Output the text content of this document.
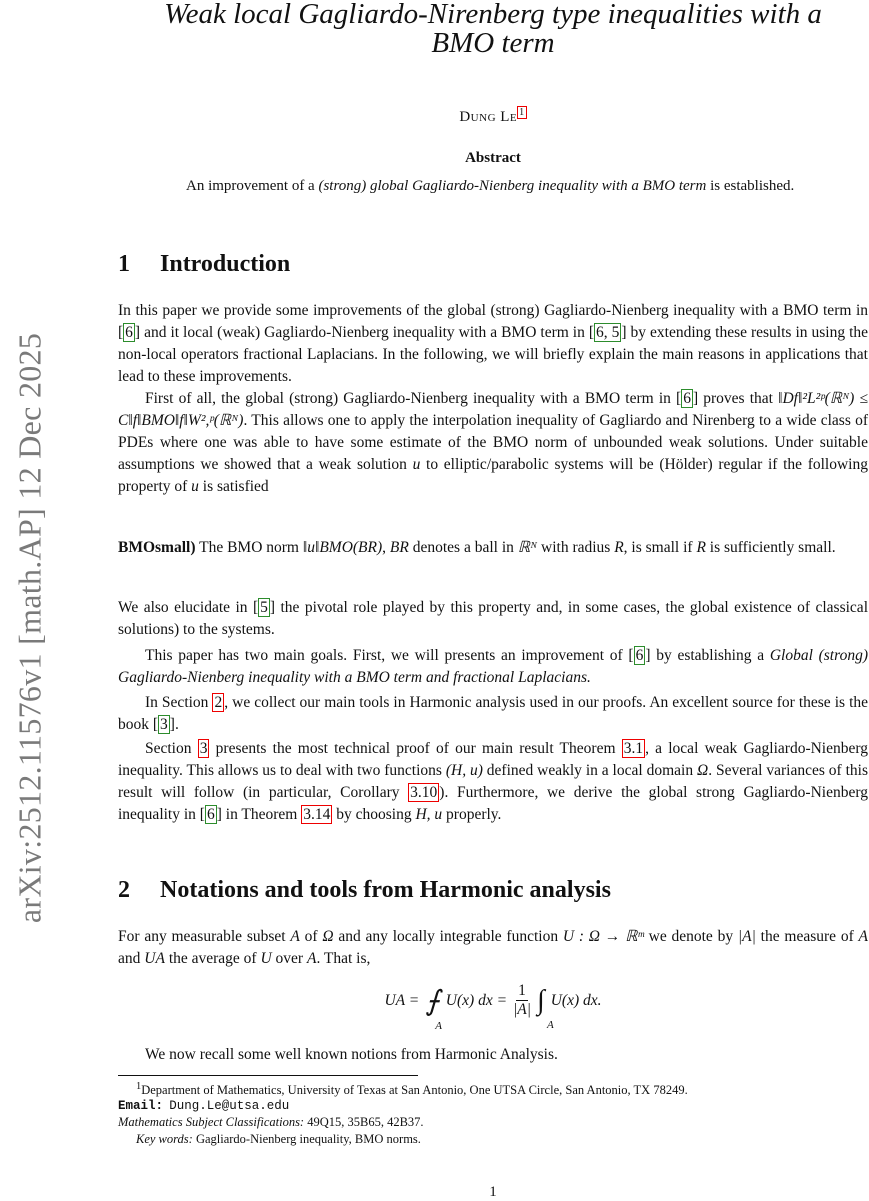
arXiv:2512.11576v1 [math.AP] 12 Dec 2025
Weak local Gagliardo-Nirenberg type inequalities with a
BMO term
Dung Le $^1$
Abstract
An improvement of a (strong) global Gagliardo-Nienberg inequality with a BMO term is established.
1 Introduction

In this paper we provide some improvements of the global (strong) Gagliardo-Nienberg inequality with a BMO term in [ 6 ] and it local (weak) Gagliardo-Nienberg inequality with a BMO term in [ 6, 5 ] by extending these results in using the non-local operators fractional Laplacians. In the following, we will briefly explain the main reasons in applications that lead to these improvements.

First of all, the global (strong) Gagliardo-Nienberg inequality with a BMO term in [ 6 ] proves that ‖Df‖²L²ᵖ(ℝᴺ) ≤ C‖f‖BMO‖f‖W²,ᵖ(ℝᴺ). This allows one to apply the interpolation inequality of Gagliardo and Nirenberg to a wide class of PDEs where one was able to have some estimate of the BMO norm of unbounded weak solutions. Under suitable assumptions we showed that a weak solution u to elliptic/parabolic systems will be (Hölder) regular if the following property of u is satisfied

BMOsmall) The BMO norm ‖u‖BMO(BR), BR denotes a ball in ℝᴺ with radius R, is small if R is sufficiently small.

We also elucidate in [ 5 ] the pivotal role played by this property and, in some cases, the global existence of classical solutions) to the systems.

This paper has two main goals. First, we will presents an improvement of [ 6 ] by establishing a Global (strong) Gagliardo-Nienberg inequality with a BMO term and fractional Laplacians.

In Section 2 , we collect our main tools in Harmonic analysis used in our proofs. An excellent source for these is the book [ 3 ].

Section 3 presents the most technical proof of our main result Theorem 3.1 , a local weak Gagliardo-Nienberg inequality. This allows us to deal with two functions (H, u) defined weakly in a local domain Ω. Several variances of this result will follow (in particular, Corollary 3.10 ). Furthermore, we derive the global strong Gagliardo-Nienberg inequality in [ 6 ] in Theorem 3.14 by choosing H, u properly.

2 Notations and tools from Harmonic analysis

For any measurable subset A of Ω and any locally integrable function U : Ω → ℝᵐ we denote by |A| the measure of A and UA the average of U over A. That is,

UA = ⨍
A
U(x) dx = $\frac{1}{|A|}$ ∫
A
U(x) dx.

We now recall some well known notions from Harmonic Analysis.

$^1$Department of Mathematics, University of Texas at San Antonio, One UTSA Circle, San Antonio, TX 78249.
Email: Dung.Le@utsa.edu
Mathematics Subject Classifications: 49Q15, 35B65, 42B37.
Key words: Gagliardo-Nienberg inequality, BMO norms.
1
